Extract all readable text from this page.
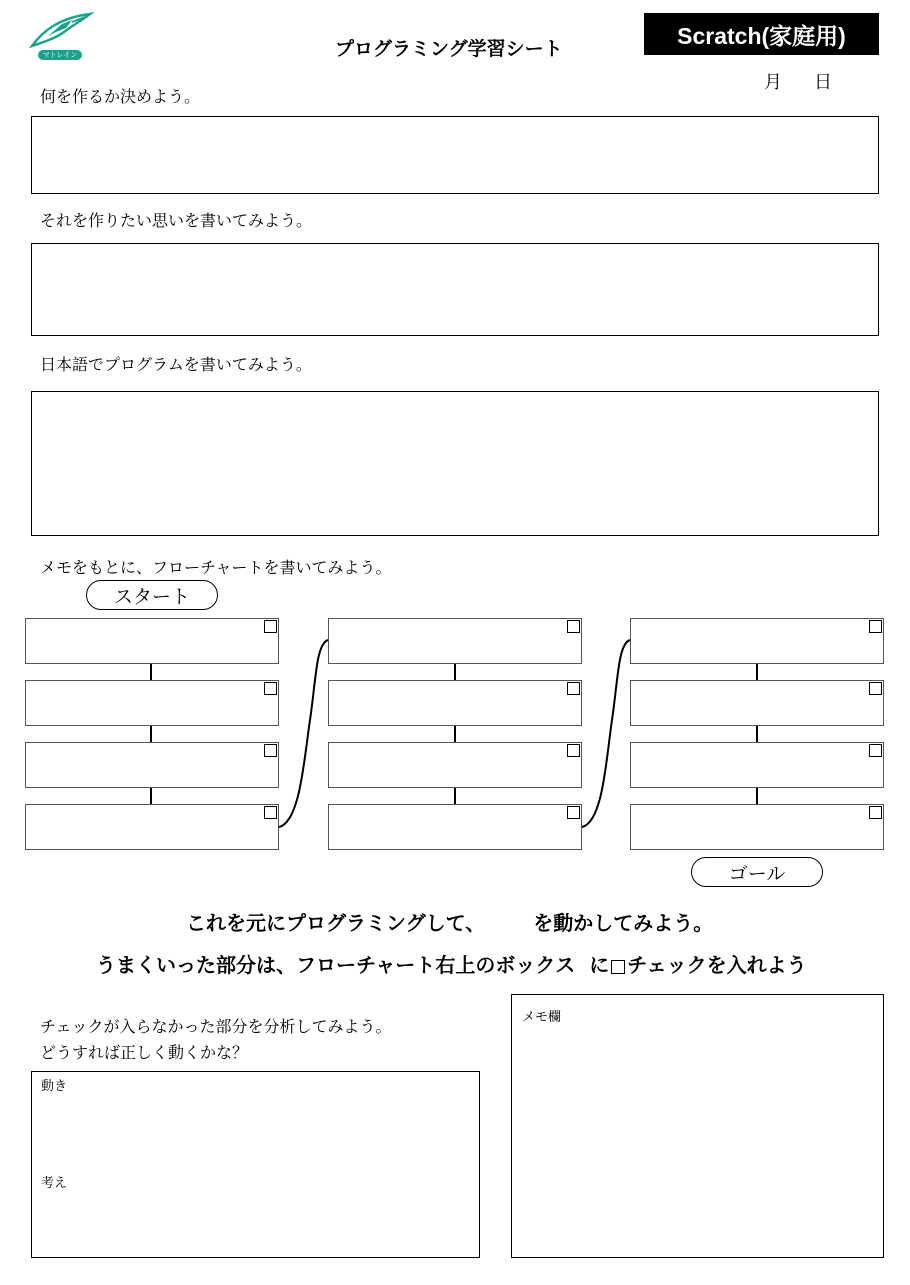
マトレイン	プログラミング学習シート
Scratch(家庭用)
月 日
何を作るか決めよう。
それを作りたい思いを書いてみよう。
日本語でプログラムを書いてみよう。
メモをもとに、フローチャートを書いてみよう。
スタート
ゴール
これを元にプログラミングして、 を動かしてみよう。
うまくいった部分は、フローチャート右上のボックス に チェックを入れよう
チェックが入らなかった部分を分析してみよう。
どうすれば正しく動くかな？
動き
考え
メモ欄
